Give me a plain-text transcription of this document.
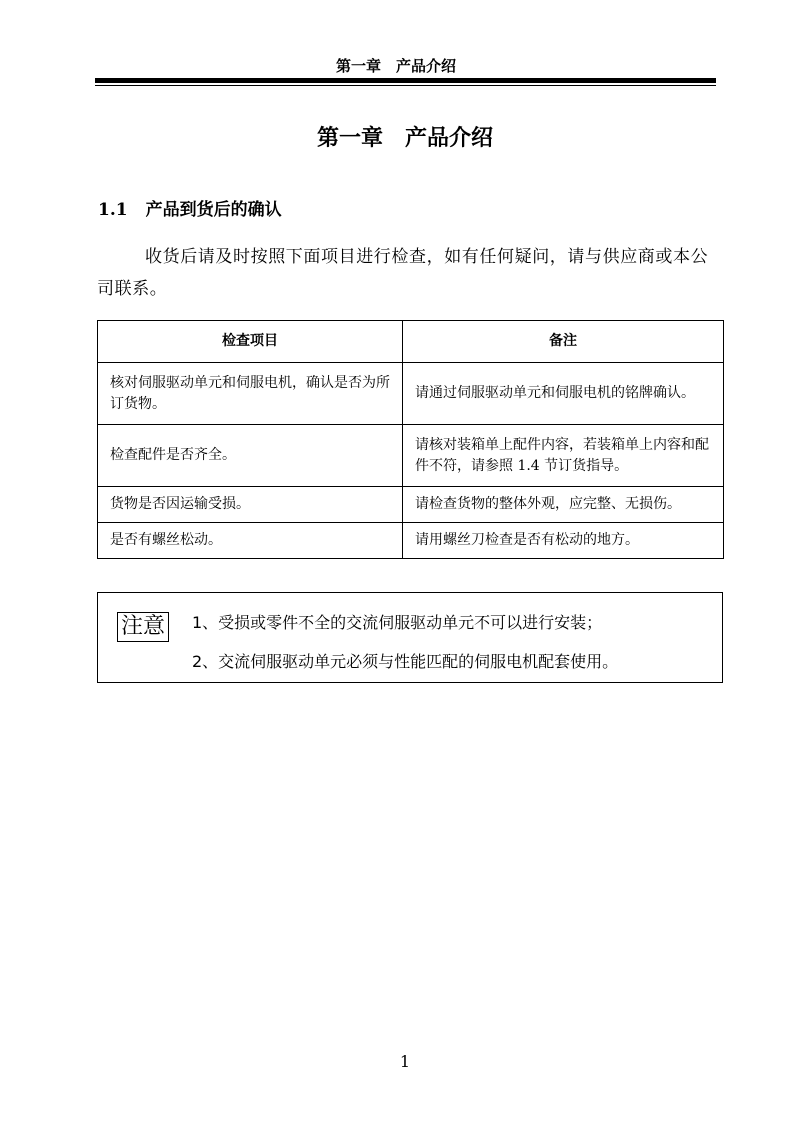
第一章　产品介绍
第一章　产品介绍
1.1 产品到货后的确认
收货后请及时按照下面项目进行检查，如有任何疑问，请与供应商或本公司联系。
检查项目	备注
核对伺服驱动单元和伺服电机，确认是否为所订货物。	请通过伺服驱动单元和伺服电机的铭牌确认。
检查配件是否齐全。	请核对装箱单上配件内容，若装箱单上内容和配件不符，请参照 1.4 节订货指导。
货物是否因运输受损。	请检查货物的整体外观，应完整、无损伤。
是否有螺丝松动。	请用螺丝刀检查是否有松动的地方。
注意 1、受损或零件不全的交流伺服驱动单元不可以进行安装；
2、交流伺服驱动单元必须与性能匹配的伺服电机配套使用。
1
